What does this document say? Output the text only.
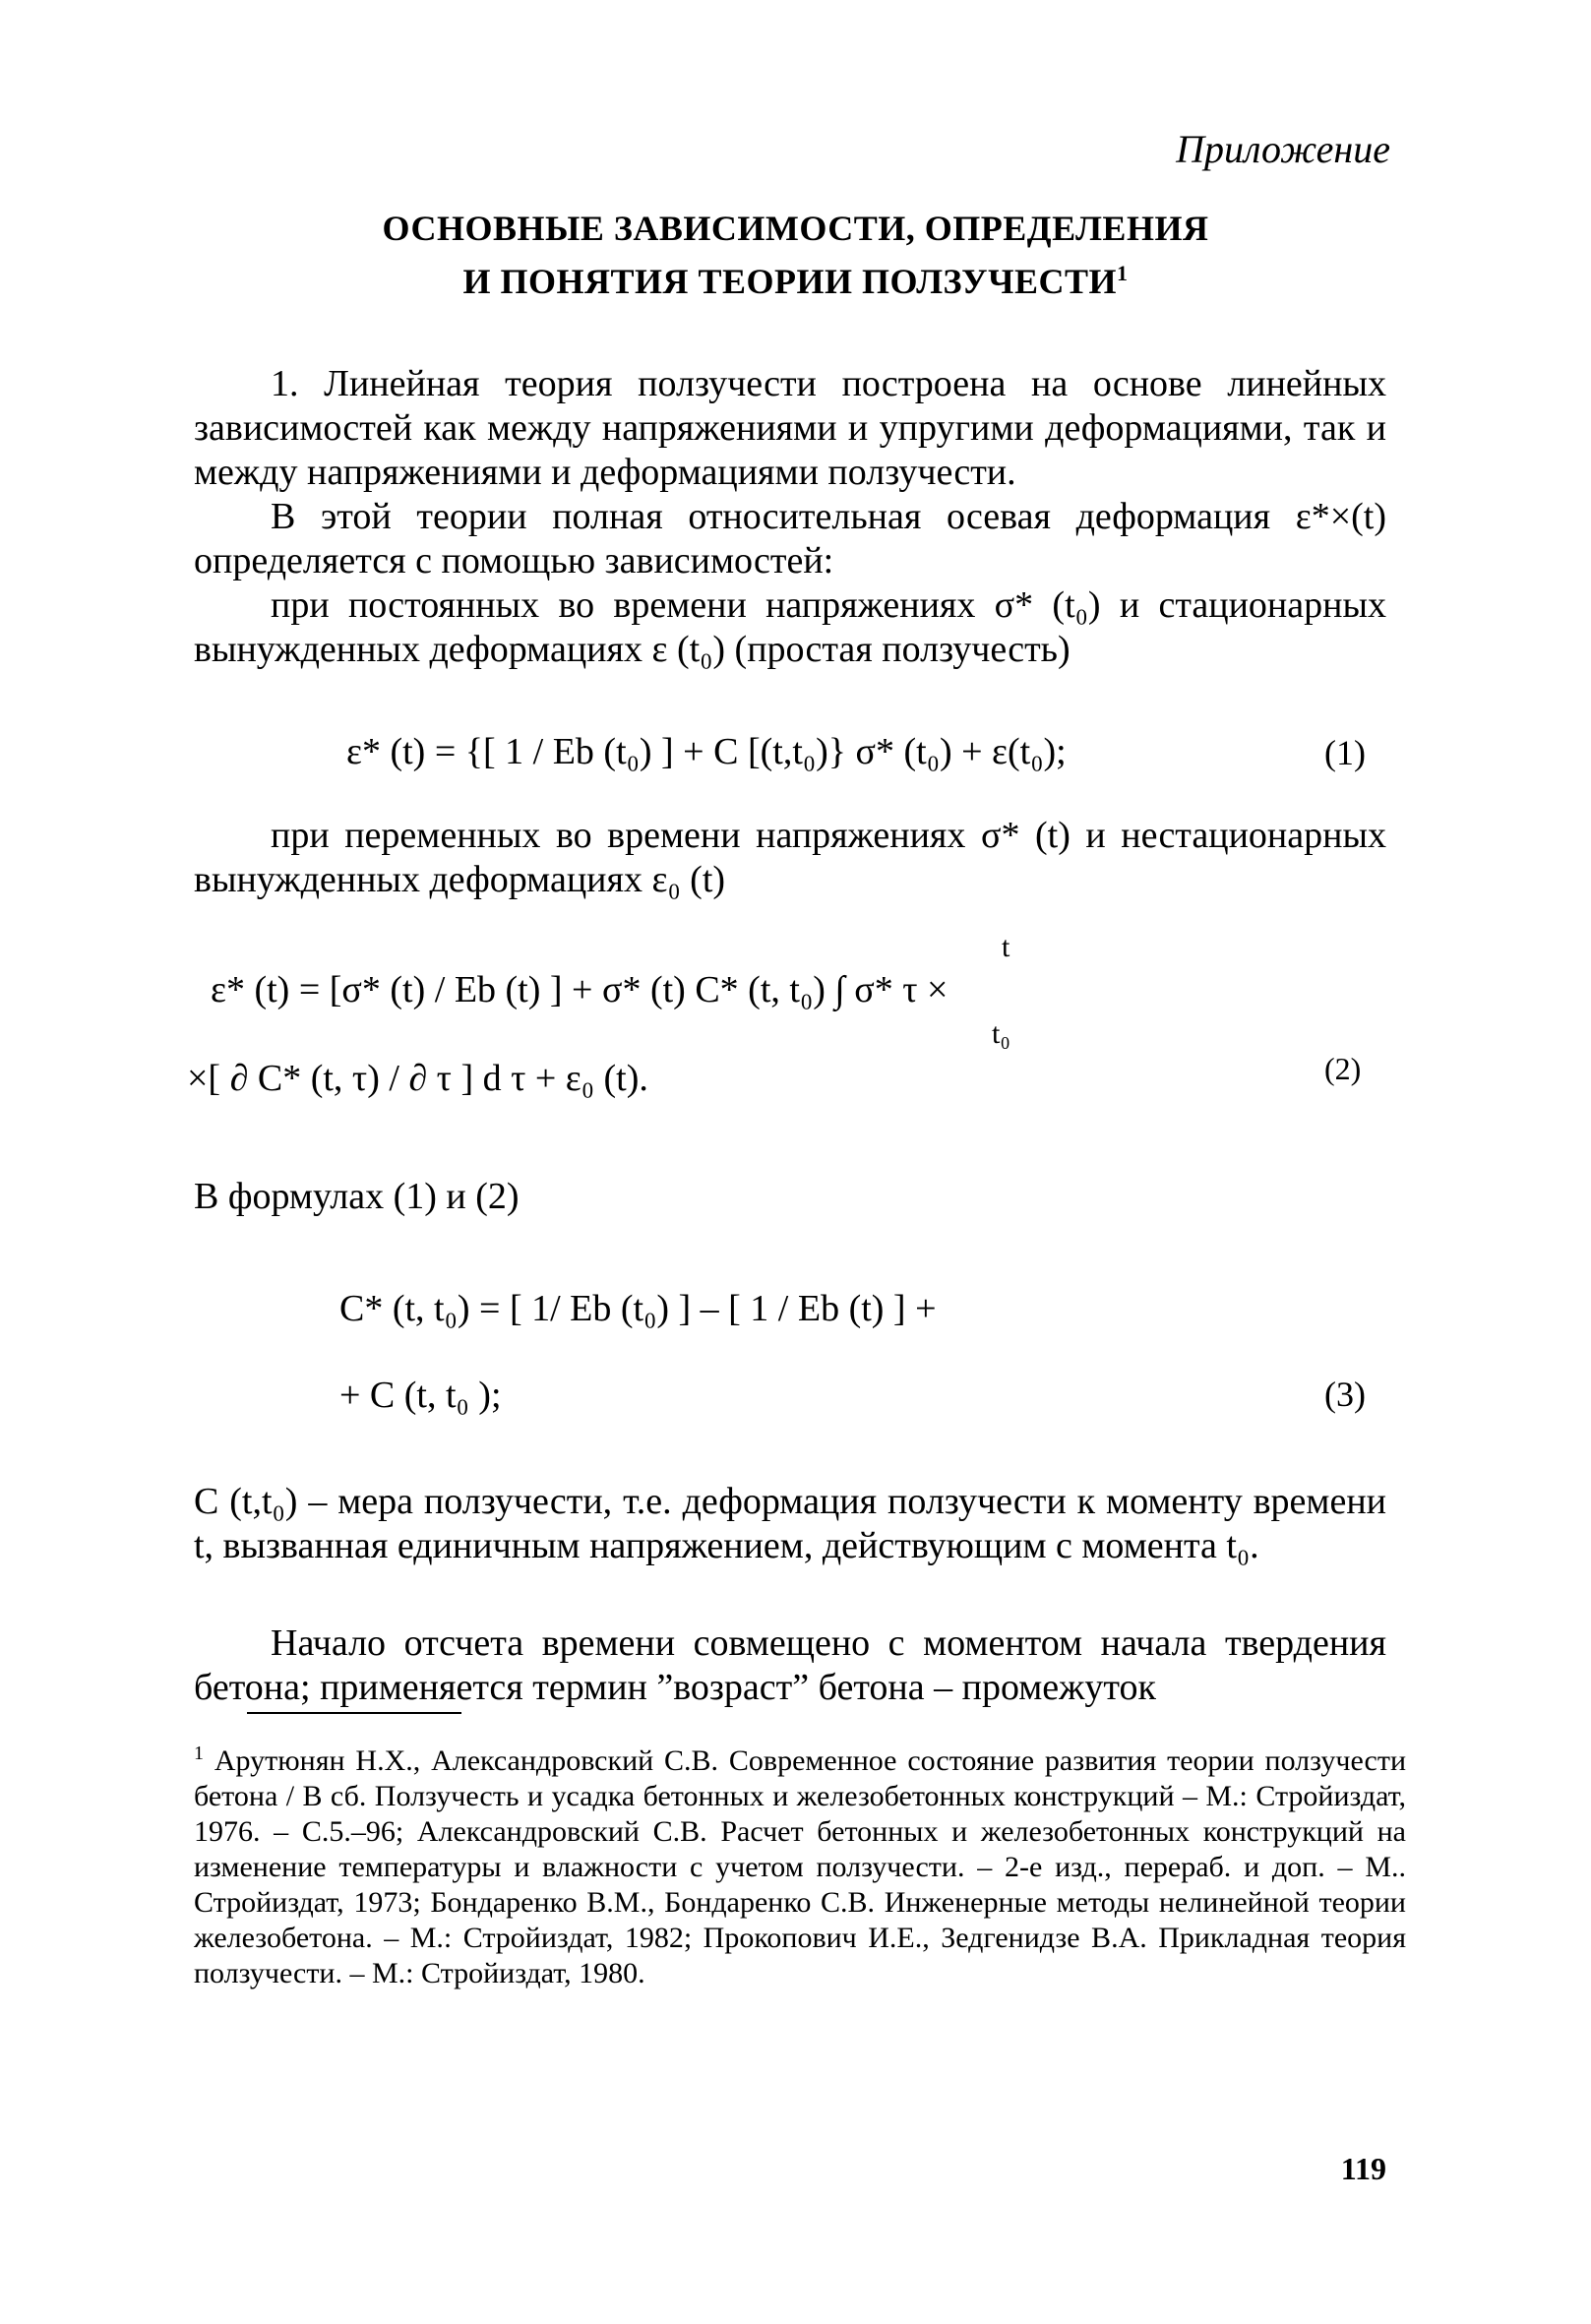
Приложение
ОСНОВНЫЕ ЗАВИСИМОСТИ, ОПРЕДЕЛЕНИЯ
И ПОНЯТИЯ ТЕОРИИ ПОЛЗУЧЕСТИ$^1$
1. Линейная теория ползучести построена на основе линейных зависимостей как между напряжениями и упругими деформациями, так и между напряжениями и деформациями ползучести.
В этой теории полная относительная осевая деформация ε*×(t) определяется с помощью зависимостей:
при постоянных во времени напряжениях σ* (t₀) и стационарных вынужденных деформациях ε (t₀) (простая ползучесть)
ε* (t) = {[ 1 / Eb (t₀) ] + C [(t,t₀)} σ* (t₀) + ε(t₀);	(1)
при переменных во времени напряжениях σ* (t) и нестационарных вынужденных деформациях ε₀ (t)
t
ε* (t) = [σ* (t) / Eb (t) ] + σ* (t) C* (t, t₀) ∫ σ* τ ×
t₀
×[ ∂ C* (t, τ) / ∂ τ ] d τ + ε₀ (t).	(2)
В формулах (1) и (2)
C* (t, t₀) = [ 1/ Eb (t₀) ] – [ 1 / Eb (t) ] +
+ C (t, t₀ );	(3)
C (t,t₀) – мера ползучести, т.е. деформация ползучести к моменту времени t, вызванная единичным напряжением, действующим с момента t₀.
Начало отсчета времени совмещено с моментом начала твердения бетона; применяется термин ”возраст” бетона – промежуток
$^1$ Арутюнян Н.Х., Александровский С.В. Современное состояние развития теории ползучести бетона / В сб. Ползучесть и усадка бетонных и железобетонных конструкций – М.: Стройиздат, 1976. – С.5.–96; Александровский С.В. Расчет бетонных и железобетонных конструкций на изменение температуры и влажности с учетом ползучести. – 2-е изд., перераб. и доп. – М.. Стройиздат, 1973; Бондаренко В.М., Бондаренко С.В. Инженерные методы нелинейной теории железобетона. – М.: Стройиздат, 1982; Прокопович И.Е., Зедгенидзе В.А. Прикладная теория ползучести. – М.: Стройиздат, 1980.
119
